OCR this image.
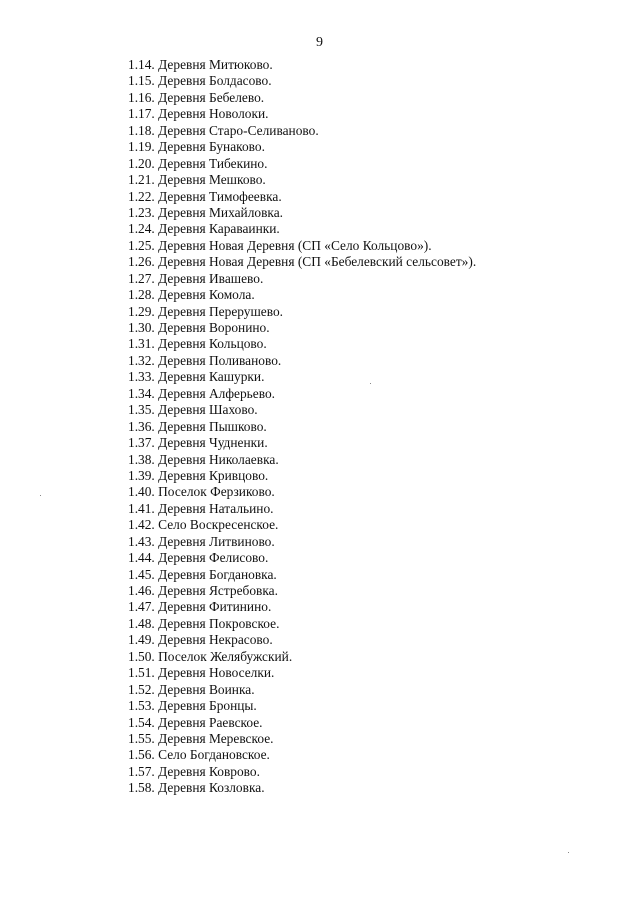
9
1.14. Деревня Митюково.
1.15. Деревня Болдасово.
1.16. Деревня Бебелево.
1.17. Деревня Новолоки.
1.18. Деревня Старо-Селиваново.
1.19. Деревня Бунаково.
1.20. Деревня Тибекино.
1.21. Деревня Мешково.
1.22. Деревня Тимофеевка.
1.23. Деревня Михайловка.
1.24. Деревня Караваинки.
1.25. Деревня Новая Деревня (СП «Село Кольцово»).
1.26. Деревня Новая Деревня (СП «Бебелевский сельсовет»).
1.27. Деревня Ивашево.
1.28. Деревня Комола.
1.29. Деревня Перерушево.
1.30. Деревня Воронино.
1.31. Деревня Кольцово.
1.32. Деревня Поливаново.
1.33. Деревня Кашурки.
1.34. Деревня Алферьево.
1.35. Деревня Шахово.
1.36. Деревня Пышково.
1.37. Деревня Чудненки.
1.38. Деревня Николаевка.
1.39. Деревня Кривцово.
1.40. Поселок Ферзиково.
1.41. Деревня Натальино.
1.42. Село Воскресенское.
1.43. Деревня Литвиново.
1.44. Деревня Фелисово.
1.45. Деревня Богдановка.
1.46. Деревня Ястребовка.
1.47. Деревня Фитинино.
1.48. Деревня Покровское.
1.49. Деревня Некрасово.
1.50. Поселок Желябужский.
1.51. Деревня Новоселки.
1.52. Деревня Воинка.
1.53. Деревня Бронцы.
1.54. Деревня Раевское.
1.55. Деревня Меревское.
1.56. Село Богдановское.
1.57. Деревня Коврово.
1.58. Деревня Козловка.
